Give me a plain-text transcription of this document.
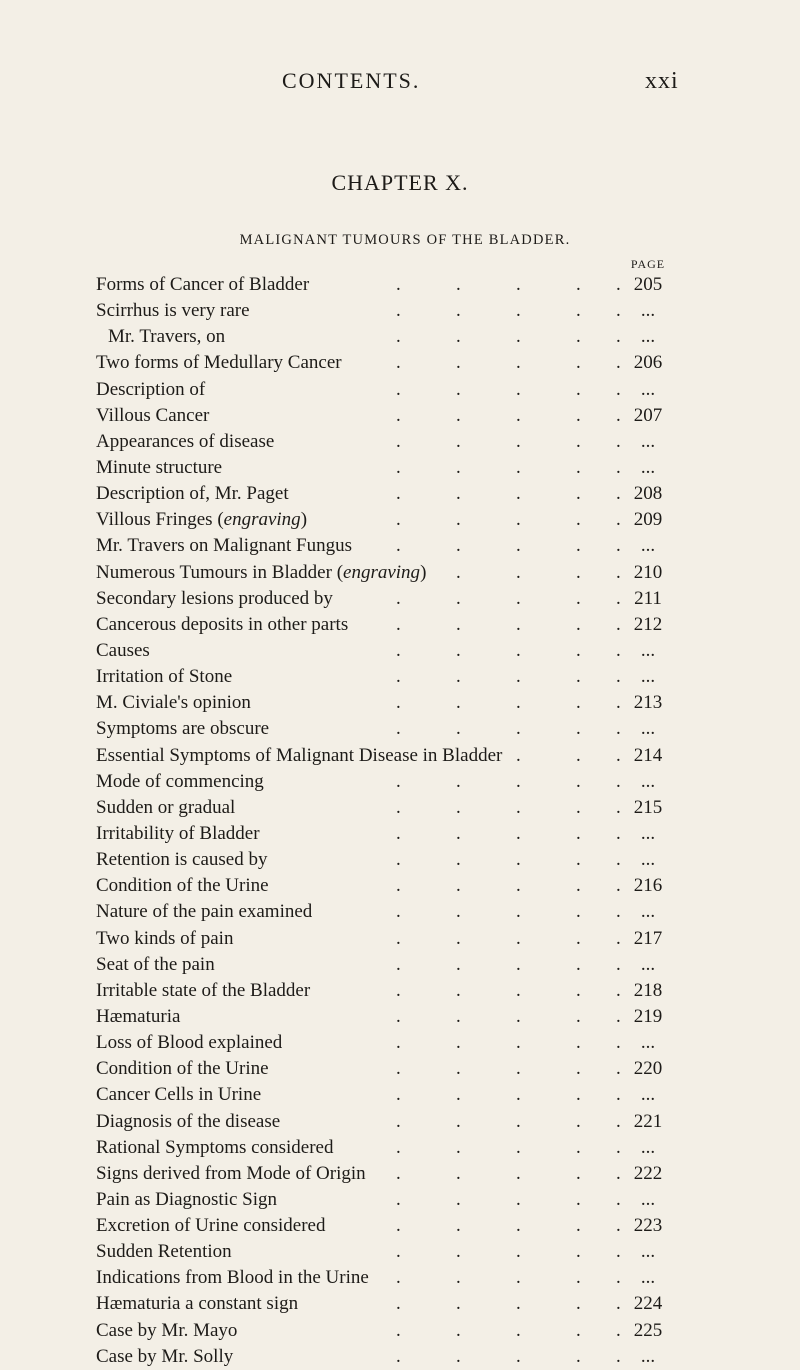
CONTENTS.	xxi
CHAPTER X.
MALIGNANT TUMOURS OF THE BLADDER.
PAGE
Forms of Cancer of Bladder	.	.	.	. . 205
Scirrhus is very rare	.	.	.	. .	...
Mr. Travers, on	.	.	.	. .	...
Two forms of Medullary Cancer	.	.	.	. . 206
Description of	.	.	.	. .	...
Villous Cancer	.	.	.	. . 207
Appearances of disease	.	.	.	. .	...
Minute structure	.	.	.	. .	...
Description of, Mr. Paget	.	.	.	. . 208
Villous Fringes (engraving)	.	.	.	. . 209
Mr. Travers on Malignant Fungus .	.	.	. .	...
Numerous Tumours in Bladder (engraving) .	.	. . 210
Secondary lesions produced by	.	.	.	. . 211
Cancerous deposits in other parts	.	.	.	. . 212
Causes	.	.	.	. .	...
Irritation of Stone	.	.	.	. .	...
M. Civiale's opinion	.	.	.	. . 213
Symptoms are obscure	.	.	.	. .	...
Essential Symptoms of Malignant Disease in Bladder .	. . 214
Mode of commencing	.	.	.	. .	...
Sudden or gradual	.	.	.	. . 215
Irritability of Bladder	.	.	.	. .	...
Retention is caused by	.	.	.	. .	...
Condition of the Urine	.	.	.	. . 216
Nature of the pain examined	.	.	.	. .	...
Two kinds of pain	.	.	.	. . 217
Seat of the pain	.	.	.	. .	...
Irritable state of the Bladder	.	.	.	. . 218
Hæmaturia	.	.	.	. . 219
Loss of Blood explained	.	.	.	. .	...
Condition of the Urine	.	.	.	. . 220
Cancer Cells in Urine	.	.	.	. .	...
Diagnosis of the disease	.	.	.	. . 221
Rational Symptoms considered	.	.	.	. .	...
Signs derived from Mode of Origin .	.	.	. . 222
Pain as Diagnostic Sign	.	.	.	. .	...
Excretion of Urine considered	.	.	.	. . 223
Sudden Retention	.	.	.	. .	...
Indications from Blood in the Urine .	.	.	. .	...
Hæmaturia a constant sign	.	.	.	. . 224
Case by Mr. Mayo	.	.	.	. . 225
Case by Mr. Solly	.	.	.	. .	...
